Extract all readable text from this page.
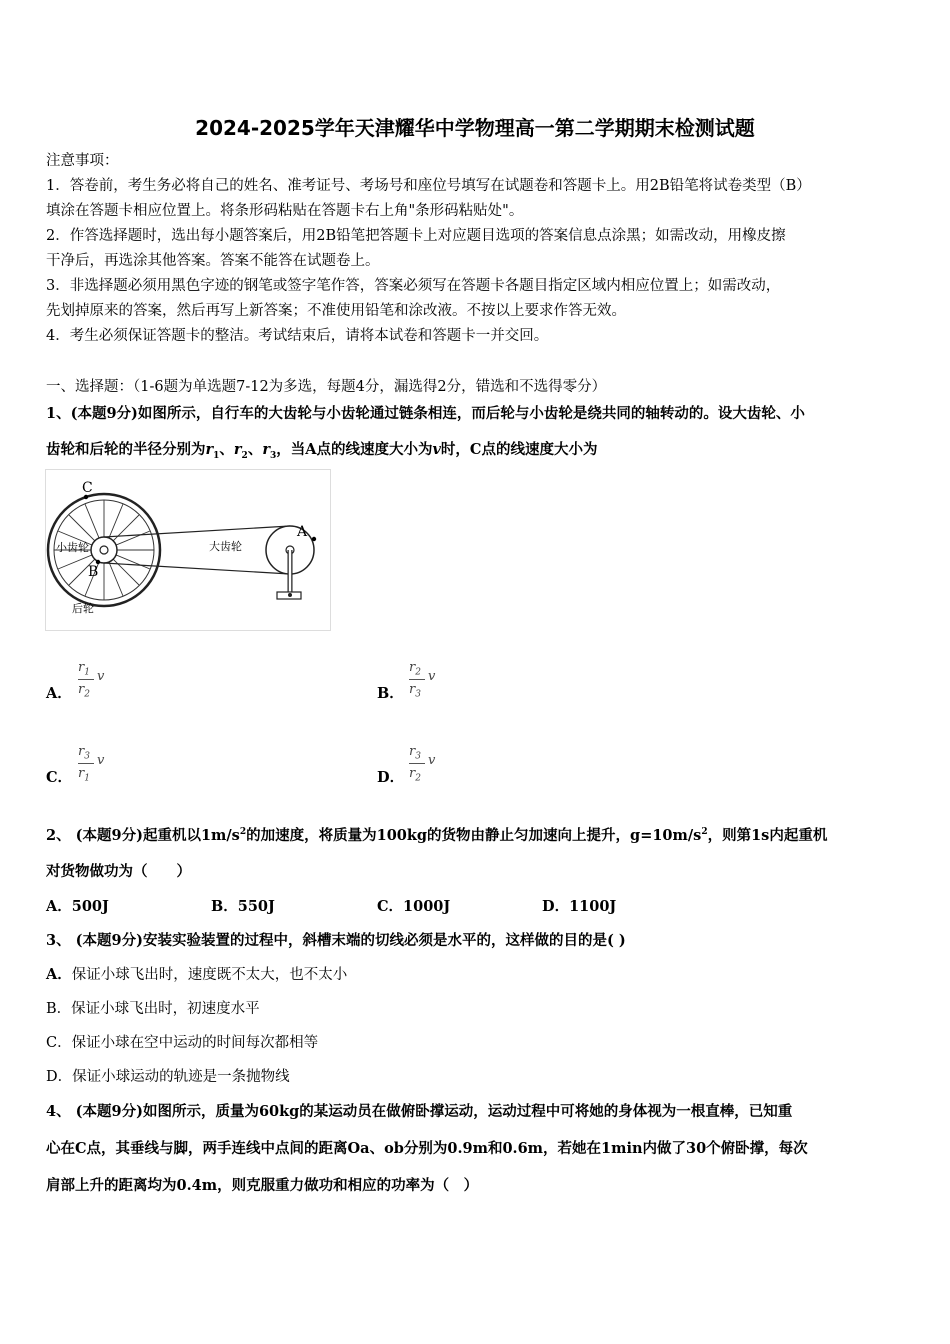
2024-2025学年天津耀华中学物理高一第二学期期末检测试题
注意事项：
1．答卷前，考生务必将自己的姓名、准考证号、考场号和座位号填写在试题卷和答题卡上。用2B铅笔将试卷类型（B）
填涂在答题卡相应位置上。将条形码粘贴在答题卡右上角"条形码粘贴处"。
2．作答选择题时，选出每小题答案后，用2B铅笔把答题卡上对应题目选项的答案信息点涂黑；如需改动，用橡皮擦
干净后，再选涂其他答案。答案不能答在试题卷上。
3．非选择题必须用黑色字迹的钢笔或签字笔作答，答案必须写在答题卡各题目指定区域内相应位置上；如需改动，
先划掉原来的答案，然后再写上新答案；不准使用铅笔和涂改液。不按以上要求作答无效。
4．考生必须保证答题卡的整洁。考试结束后，请将本试卷和答题卡一并交回。
一、选择题：（1-6题为单选题7-12为多选，每题4分，漏选得2分，错选和不选得零分）
1、(本题9分)如图所示，自行车的大齿轮与小齿轮通过链条相连，而后轮与小齿轮是绕共同的轴转动的。设大齿轮、小
齿轮和后轮的半径分别为$r_1$、$r_2$、$r_3$，当A点的线速度大小为v时，C点的线速度大小为
C
A
B
小齿轮	大齿轮
后轮
A．
$r_1$
$r_2$
v
B．
$r_2$
$r_3$
v
C．
$r_3$
$r_1$
v
D．
$r_3$
$r_2$
v
2、 (本题9分)起重机以$1m/s^2$的加速度，将质量为100kg的货物由静止匀加速向上提升，$g=10m/s^2$，则第1s内起重机
对货物做功为（　　）
A．500J	B．550J	C．1000J	D．1100J
3、 (本题9分)安装实验装置的过程中，斜槽末端的切线必须是水平的，这样做的目的是( )
A．保证小球飞出时，速度既不太大，也不太小
B．保证小球飞出时，初速度水平
C．保证小球在空中运动的时间每次都相等
D．保证小球运动的轨迹是一条抛物线
4、 (本题9分)如图所示，质量为60kg的某运动员在做俯卧撑运动，运动过程中可将她的身体视为一根直棒，已知重
心在C点，其垂线与脚，两手连线中点间的距离Oa、ob分别为0.9m和0.6m，若她在1min内做了30个俯卧撑，每次
肩部上升的距离均为0.4m，则克服重力做功和相应的功率为（　）
